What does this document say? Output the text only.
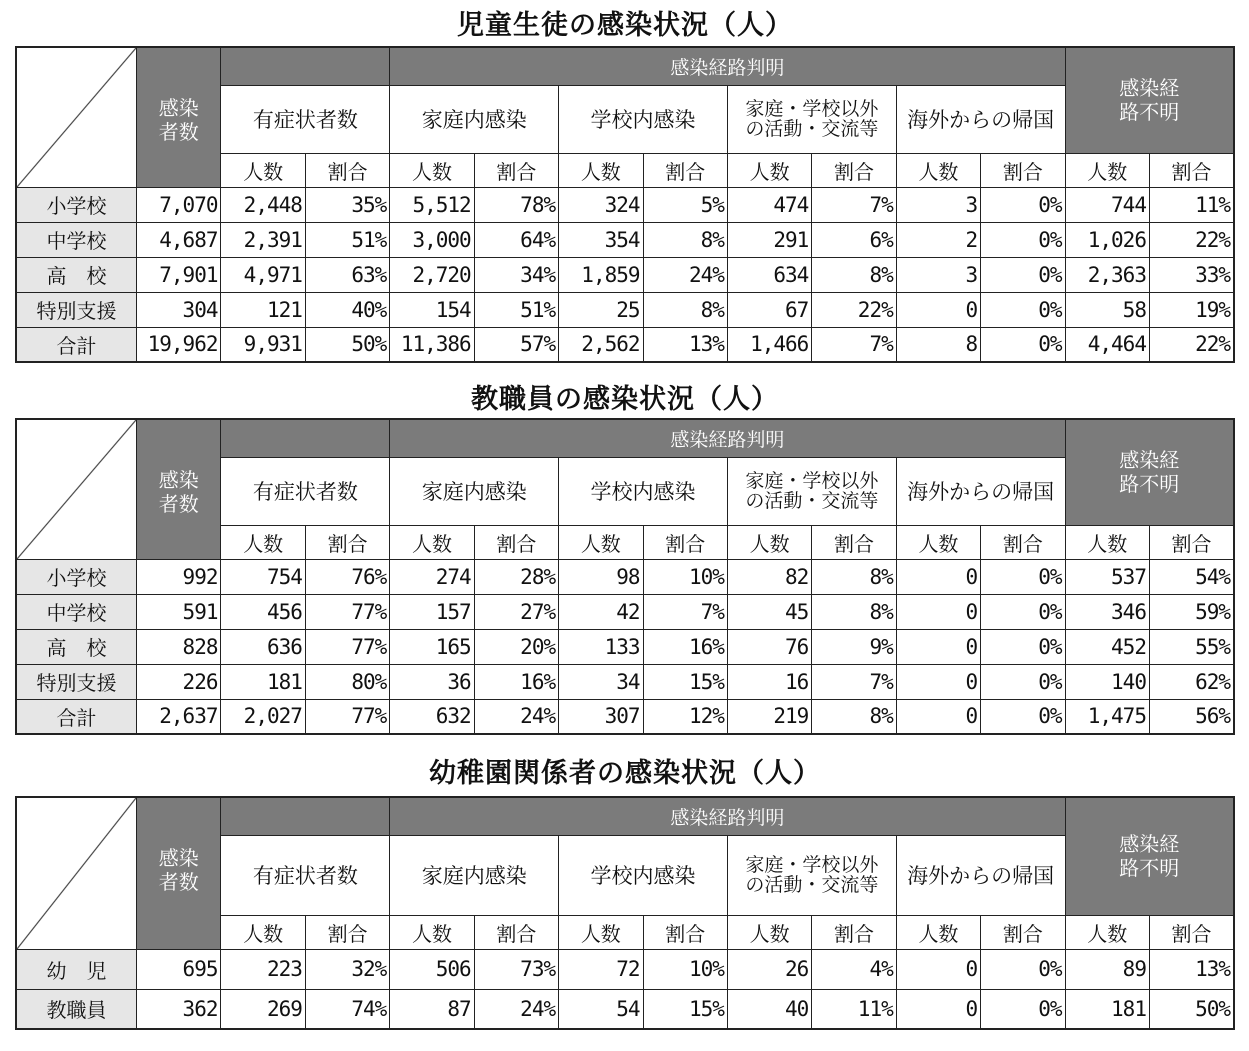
児童生徒の感染状況（人）

	感染者数			感染経路判明								感染経路不明	

		有症状者数		家庭内感染		学校内感染		家庭・学校以外の活動・交流等		海外からの帰国			
		人数	割合	人数	割合	人数	割合	人数	割合	人数	割合	人数	割合
小学校	7,070	2,448	35%	5,512	78%	324	5%	474	7%	3	0%	744	11%
中学校	4,687	2,391	51%	3,000	64%	354	8%	291	6%	2	0%	1,026	22%
高　校	7,901	4,971	63%	2,720	34%	1,859	24%	634	8%	3	0%	2,363	33%
特別支援	304	121	40%	154	51%	25	8%	67	22%	0	0%	58	19%
合計	19,962	9,931	50%	11,386	57%	2,562	13%	1,466	7%	8	0%	4,464	22%
教職員の感染状況（人）

	感染者数			感染経路判明								感染経路不明	

		有症状者数		家庭内感染		学校内感染		家庭・学校以外の活動・交流等		海外からの帰国			
		人数	割合	人数	割合	人数	割合	人数	割合	人数	割合	人数	割合
小学校	992	754	76%	274	28%	98	10%	82	8%	0	0%	537	54%
中学校	591	456	77%	157	27%	42	7%	45	8%	0	0%	346	59%
高　校	828	636	77%	165	20%	133	16%	76	9%	0	0%	452	55%
特別支援	226	181	80%	36	16%	34	15%	16	7%	0	0%	140	62%
合計	2,637	2,027	77%	632	24%	307	12%	219	8%	0	0%	1,475	56%
幼稚園関係者の感染状況（人）

	感染者数			感染経路判明								感染経路不明	

		有症状者数		家庭内感染		学校内感染		家庭・学校以外の活動・交流等		海外からの帰国			
		人数	割合	人数	割合	人数	割合	人数	割合	人数	割合	人数	割合
幼　児	695	223	32%	506	73%	72	10%	26	4%	0	0%	89	13%
教職員	362	269	74%	87	24%	54	15%	40	11%	0	0%	181	50%
